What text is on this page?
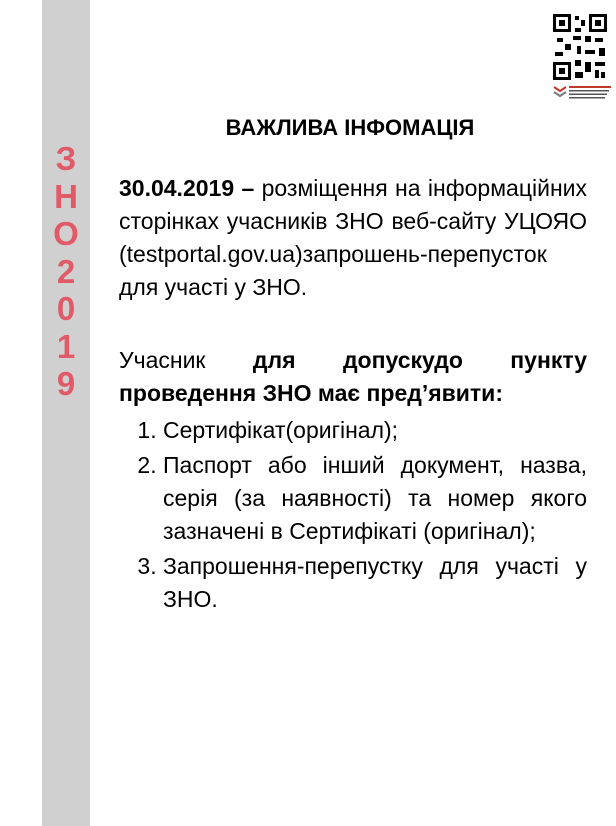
З
Н
О
2
0
1
9
ВАЖЛИВА ІНФОМАЦІЯ

30.04.2019 – розміщення на інформаційних сторінках учасників ЗНО веб-сайту УЦОЯО (testportal.gov.ua)запрошень-перепусток для участі у ЗНО.

Учасник для допускудо пункту проведення ЗНО має пред’явити:

1. Сертифікат(оригінал);
2. Паспорт або інший документ, назва, серія (за наявності) та номер якого зазначені в Сертифікаті (оригінал);
3. Запрошення-перепустку для участі у ЗНО.
